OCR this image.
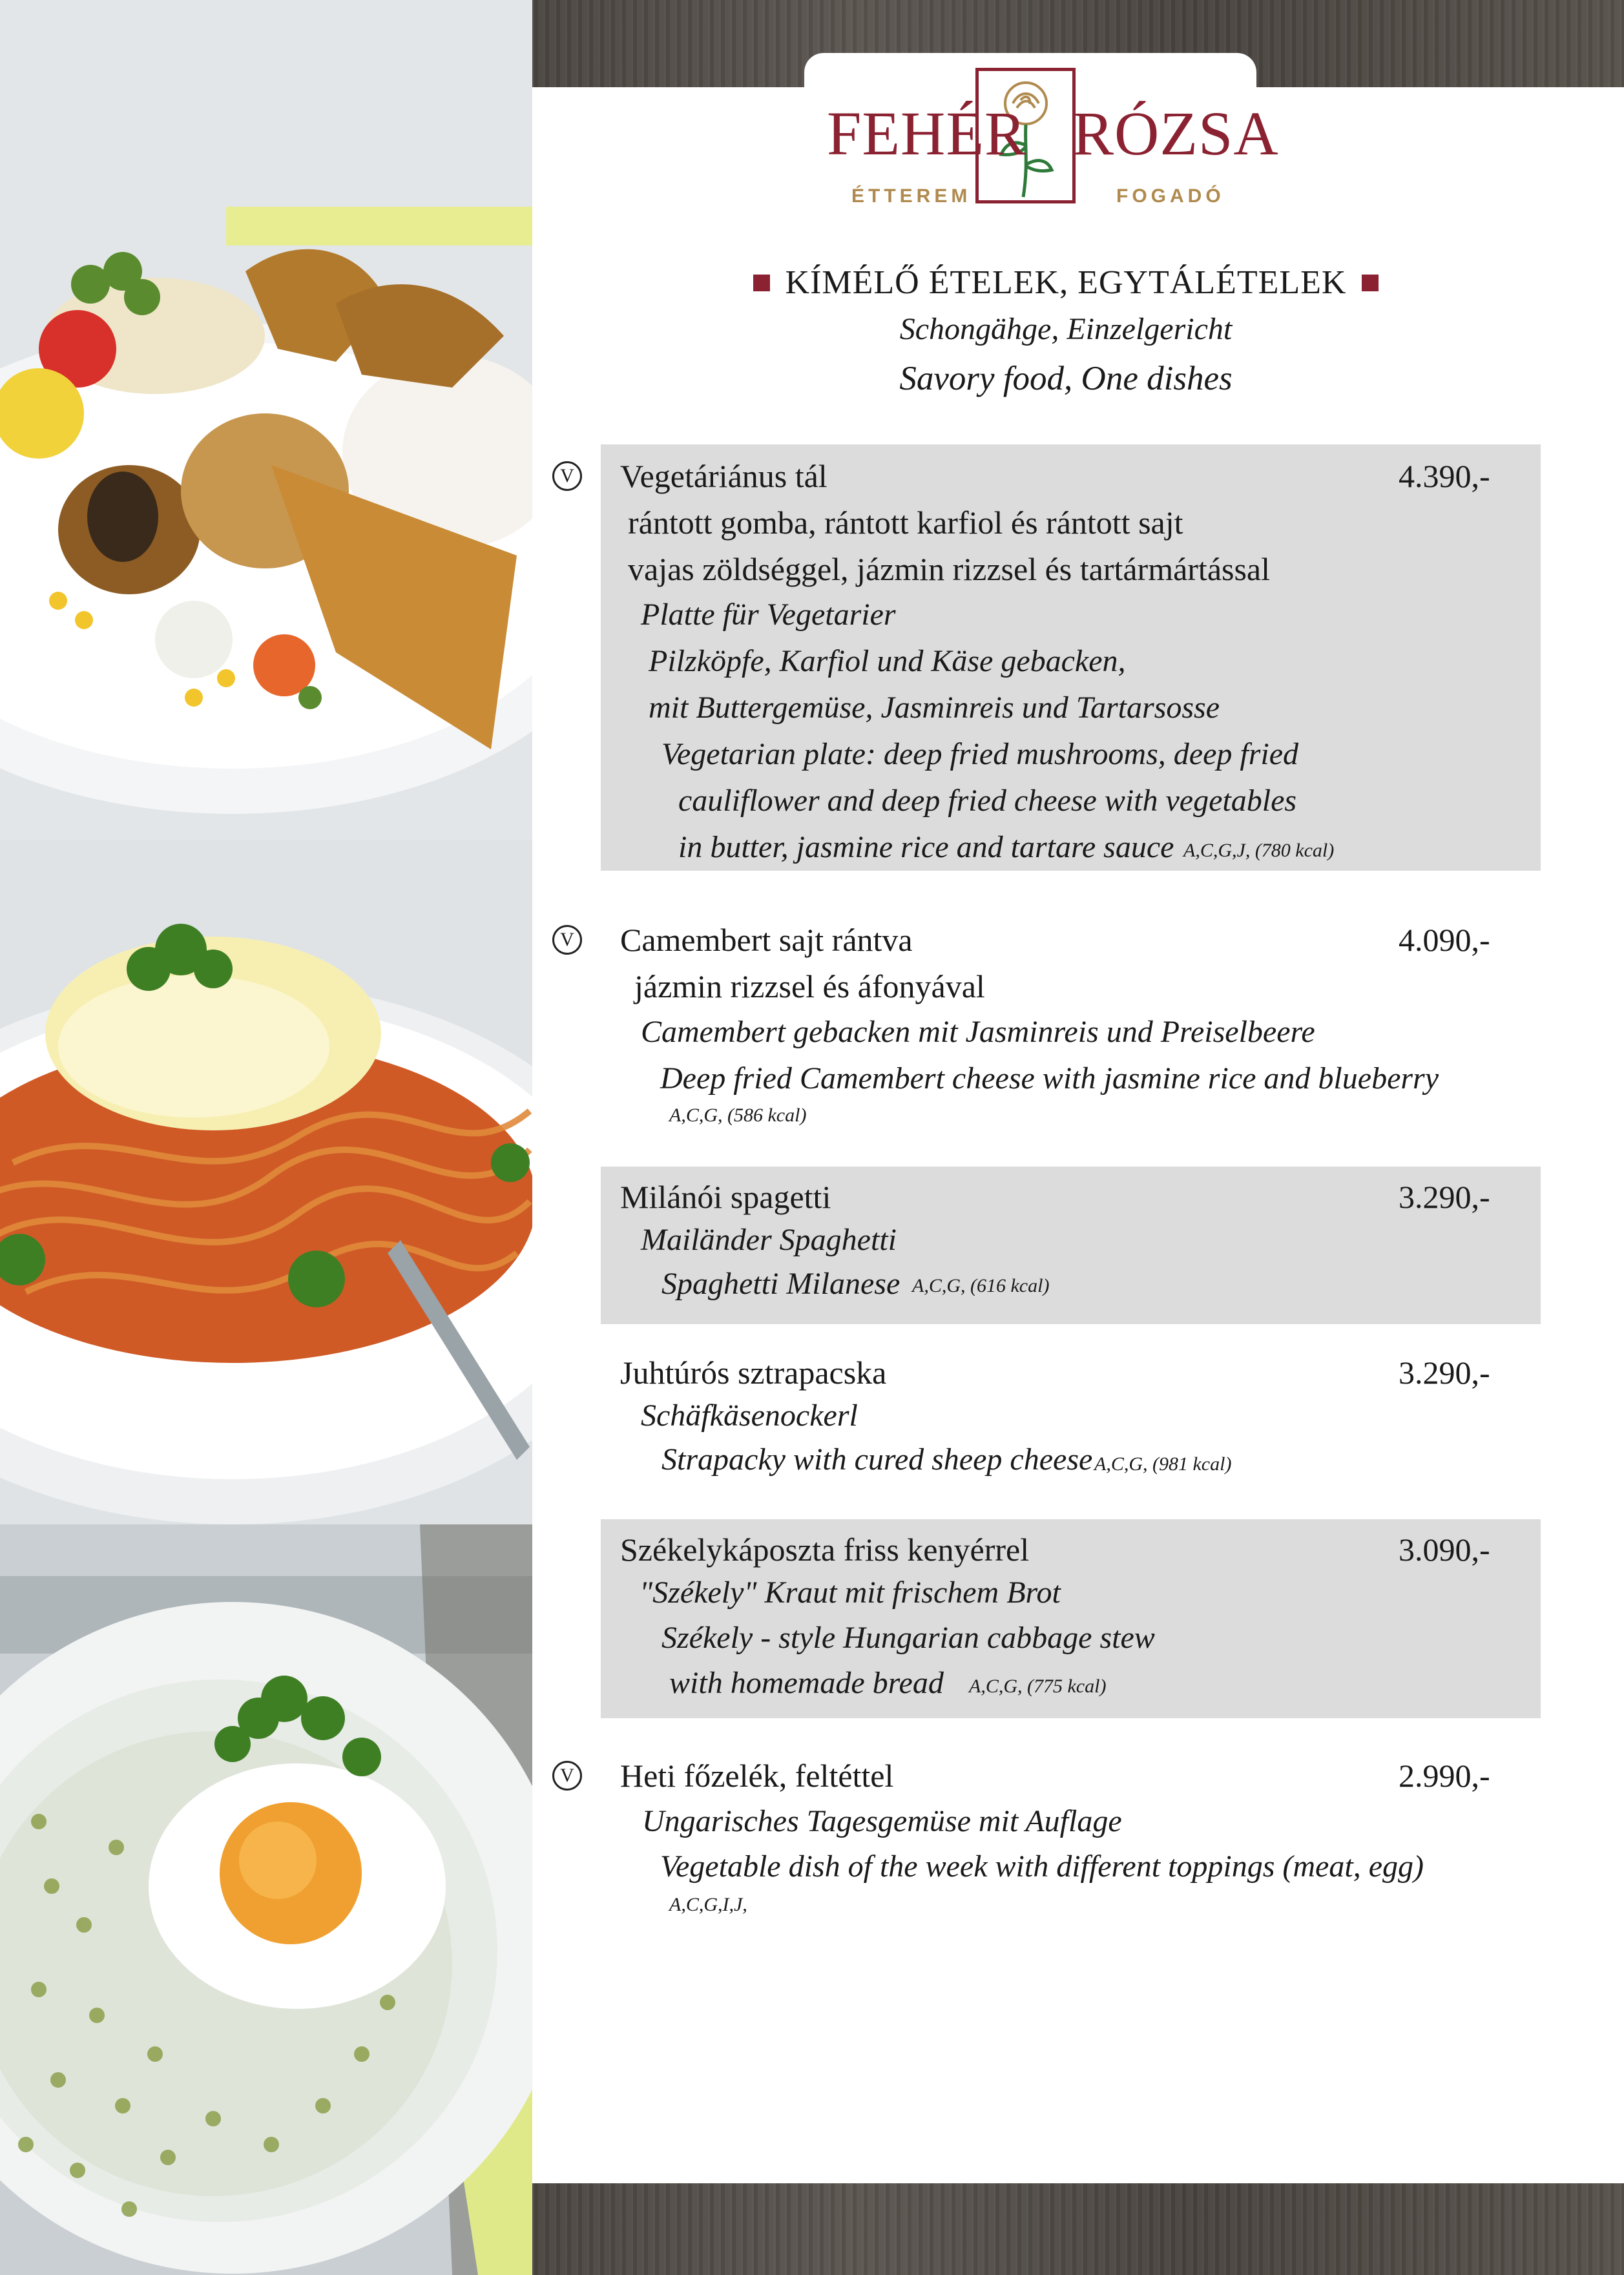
FEHÉR RÓZSA
ÉTTEREM	FOGADÓ
KÍMÉLŐ ÉTELEK, EGYTÁLÉTELEK
Schongähge, Einzelgericht
Savory food, One dishes
V Vegetáriánus tál	4.390,-
rántott gomba, rántott karfiol és rántott sajt
vajas zöldséggel, jázmin rizzsel és tartármártással
Platte für Vegetarier
Pilzköpfe, Karfiol und Käse gebacken,
mit Buttergemüse, Jasminreis und Tartarsosse
Vegetarian plate: deep fried mushrooms, deep fried
cauliflower and deep fried cheese with vegetables
in butter, jasmine rice and tartare sauce A,C,G,J, (780 kcal)
V Camembert sajt rántva	4.090,-
jázmin rizzsel és áfonyával
Camembert gebacken mit Jasminreis und Preiselbeere
Deep fried Camembert cheese with jasmine rice and blueberry
A,C,G, (586 kcal)
Milánói spagetti	3.290,-
Mailänder Spaghetti
Spaghetti Milanese A,C,G, (616 kcal)
Juhtúrós sztrapacska	3.290,-
Schäfkäsenockerl
Strapacky with cured sheep cheese A,C,G, (981 kcal)
Székelykáposzta friss kenyérrel	3.090,-
"Székely" Kraut mit frischem Brot
Székely - style Hungarian cabbage stew
with homemade bread A,C,G, (775 kcal)
V Heti főzelék, feltéttel	2.990,-
Ungarisches Tagesgemüse mit Auflage
Vegetable dish of the week with different toppings (meat, egg)
A,C,G,I,J,
